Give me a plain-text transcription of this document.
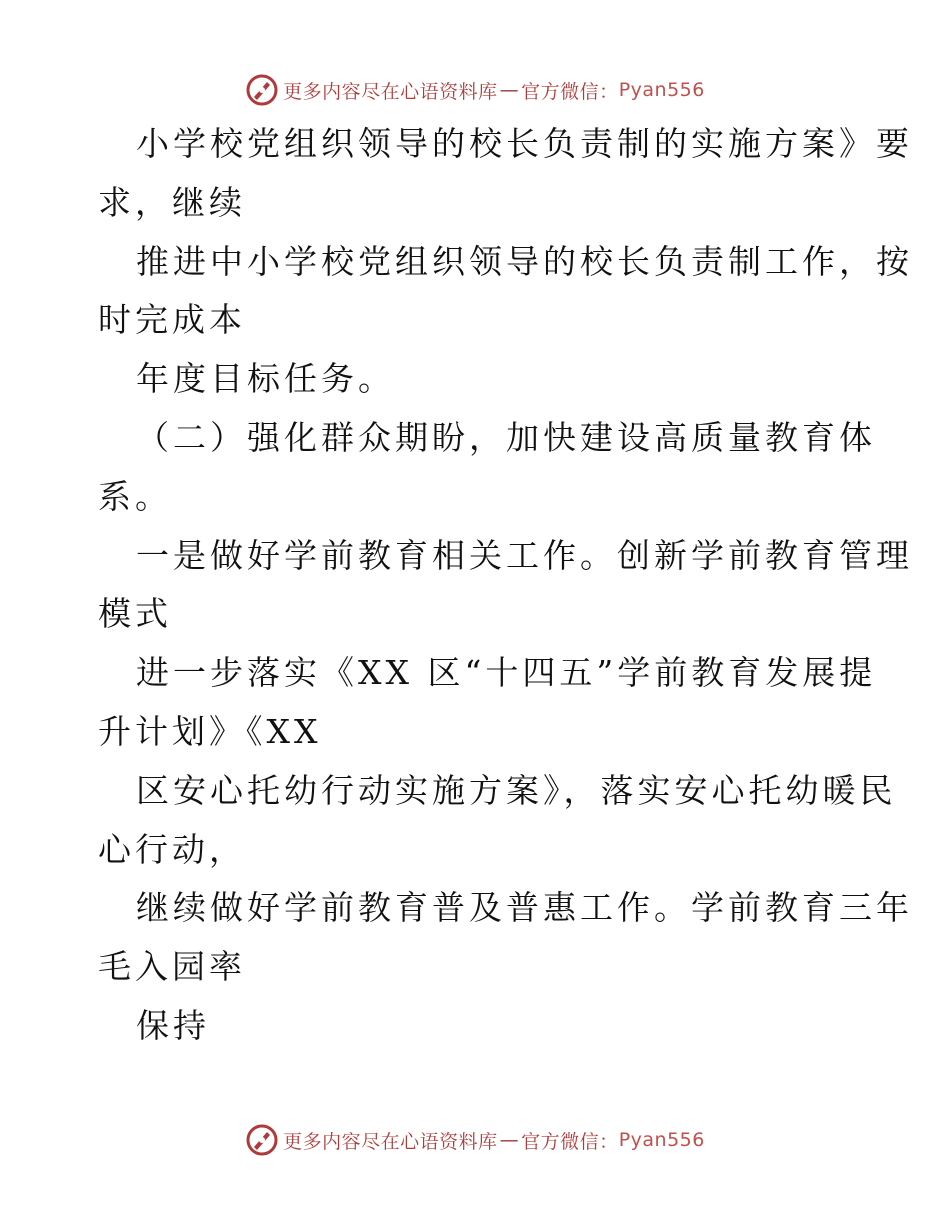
更多内容尽在心语资料库 — 官方微信： Pyan556
小学校党组织领导的校长负责制的实施方案》要
求，继续
推进中小学校党组织领导的校长负责制工作，按
时完成本
年度目标任务。
（二）强化群众期盼，加快建设高质量教育体
系。
一是做好学前教育相关工作。创新学前教育管理
模式
进一步落实《XX 区“十四五”学前教育发展提
升计划》《XX
区安心托幼行动实施方案》，落实安心托幼暖民
心行动，
继续做好学前教育普及普惠工作。学前教育三年
毛入园率
保持
更多内容尽在心语资料库 — 官方微信： Pyan556
